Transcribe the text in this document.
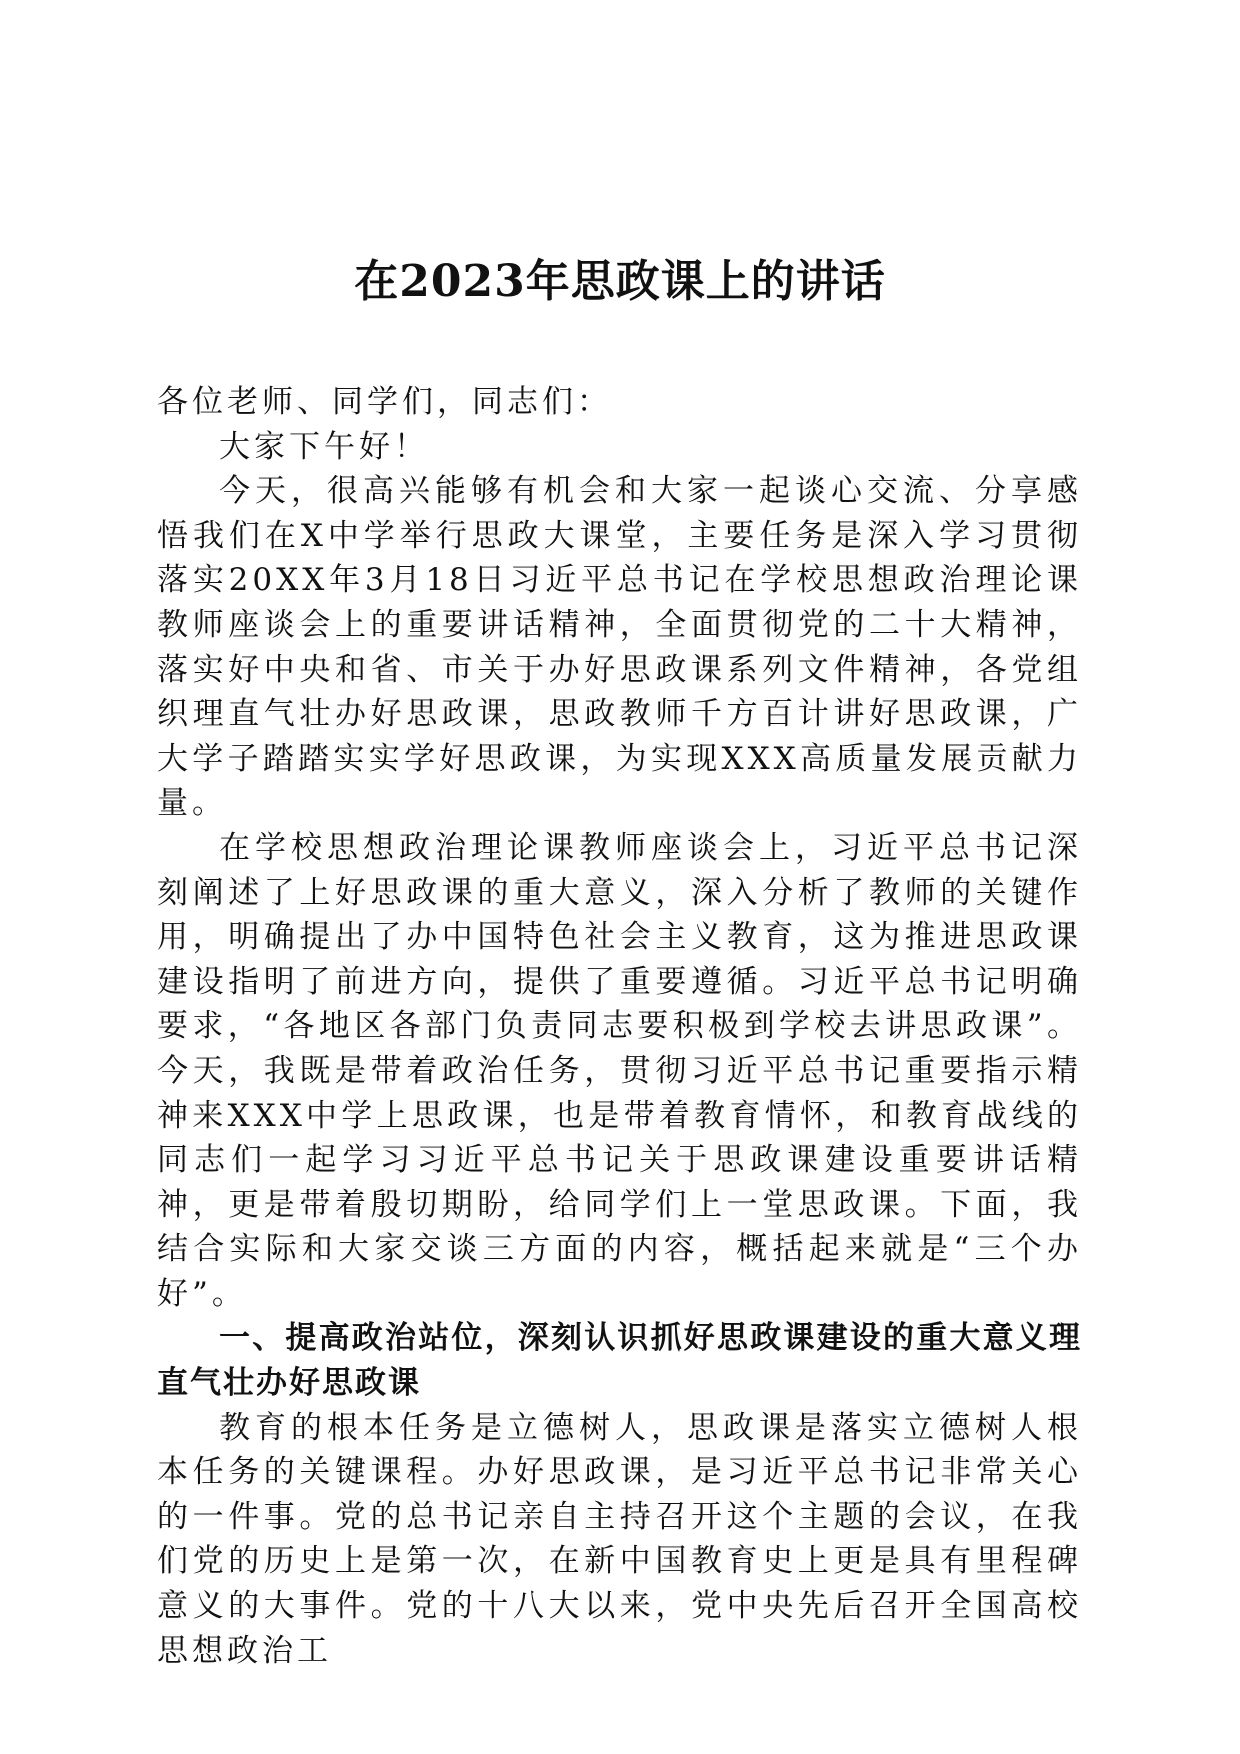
在2023年思政课上的讲话

各位老师、同学们，同志们：

大家下午好！

今天，很高兴能够有机会和大家一起谈心交流、分享感悟我们在X中学举行思政大课堂，主要任务是深入学习贯彻落实20XX年3月18日习近平总书记在学校思想政治理论课教师座谈会上的重要讲话精神，全面贯彻党的二十大精神，落实好中央和省、市关于办好思政课系列文件精神，各党组织理直气壮办好思政课，思政教师千方百计讲好思政课，广大学子踏踏实实学好思政课，为实现XXX高质量发展贡献力量。

在学校思想政治理论课教师座谈会上，习近平总书记深刻阐述了上好思政课的重大意义，深入分析了教师的关键作用，明确提出了办中国特色社会主义教育，这为推进思政课建设指明了前进方向，提供了重要遵循。习近平总书记明确要求，“各地区各部门负责同志要积极到学校去讲思政课”。今天，我既是带着政治任务，贯彻习近平总书记重要指示精神来XXX中学上思政课，也是带着教育情怀，和教育战线的同志们一起学习习近平总书记关于思政课建设重要讲话精神，更是带着殷切期盼，给同学们上一堂思政课。下面，我结合实际和大家交谈三方面的内容，概括起来就是“三个办好”。

一、提高政治站位，深刻认识抓好思政课建设的重大意义理直气壮办好思政课

教育的根本任务是立德树人，思政课是落实立德树人根本任务的关键课程。办好思政课，是习近平总书记非常关心的一件事。党的总书记亲自主持召开这个主题的会议，在我们党的历史上是第一次，在新中国教育史上更是具有里程碑意义的大事件。党的十八大以来，党中央先后召开全国高校思想政治工
